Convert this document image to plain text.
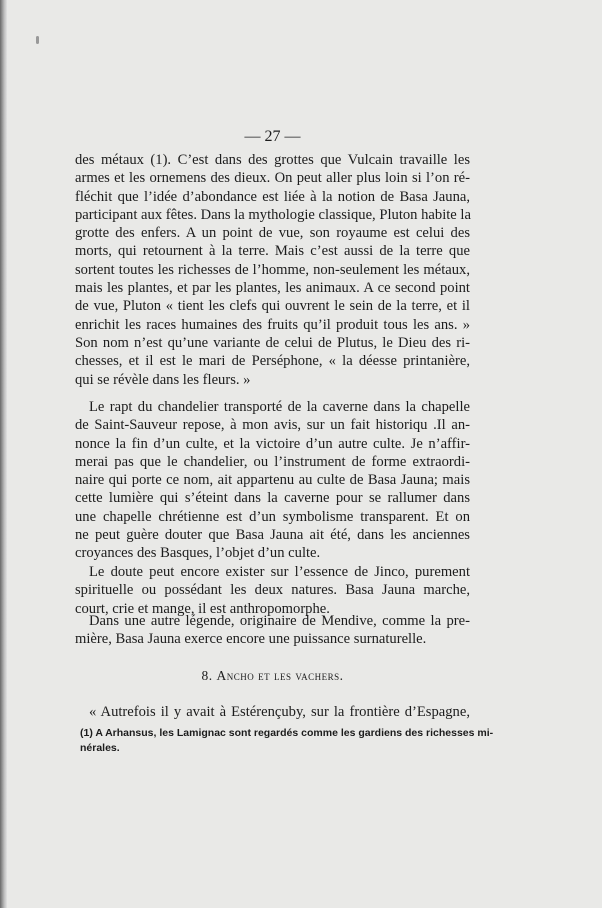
— 27 —
des métaux (1). C’est dans des grottes que Vulcain travaille les
armes et les ornemens des dieux. On peut aller plus loin si l’on ré-
fléchit que l’idée d’abondance est liée à la notion de Basa Jauna,
participant aux fêtes. Dans la mythologie classique, Pluton habite la
grotte des enfers. A un point de vue, son royaume est celui des
morts, qui retournent à la terre. Mais c’est aussi de la terre que
sortent toutes les richesses de l’homme, non-seulement les métaux,
mais les plantes, et par les plantes, les animaux. A ce second point
de vue, Pluton « tient les clefs qui ouvrent le sein de la terre, et il
enrichit les races humaines des fruits qu’il produit tous les ans. »
Son nom n’est qu’une variante de celui de Plutus, le Dieu des ri-
chesses, et il est le mari de Perséphone, « la déesse printanière,
qui se révèle dans les fleurs. »
Le rapt du chandelier transporté de la caverne dans la chapelle
de Saint-Sauveur repose, à mon avis, sur un fait historiqu .Il an-
nonce la fin d’un culte, et la victoire d’un autre culte. Je n’affir-
merai pas que le chandelier, ou l’instrument de forme extraordi-
naire qui porte ce nom, ait appartenu au culte de Basa Jauna; mais
cette lumière qui s’éteint dans la caverne pour se rallumer dans
une chapelle chrétienne est d’un symbolisme transparent. Et on
ne peut guère douter que Basa Jauna ait été, dans les anciennes
croyances des Basques, l’objet d’un culte.
Le doute peut encore exister sur l’essence de Jinco, purement
spirituelle ou possédant les deux natures. Basa Jauna marche,
court, crie et mange, il est anthropomorphe.
Dans une autre légende, originaire de Mendive, comme la pre-
mière, Basa Jauna exerce encore une puissance surnaturelle.
8. Ancho et les vachers.
« Autrefois il y avait à Estérençuby, sur la frontière d’Espagne,
(1) A Arhansus, les Lamignac sont regardés comme les gardiens des richesses mi-
nérales.
